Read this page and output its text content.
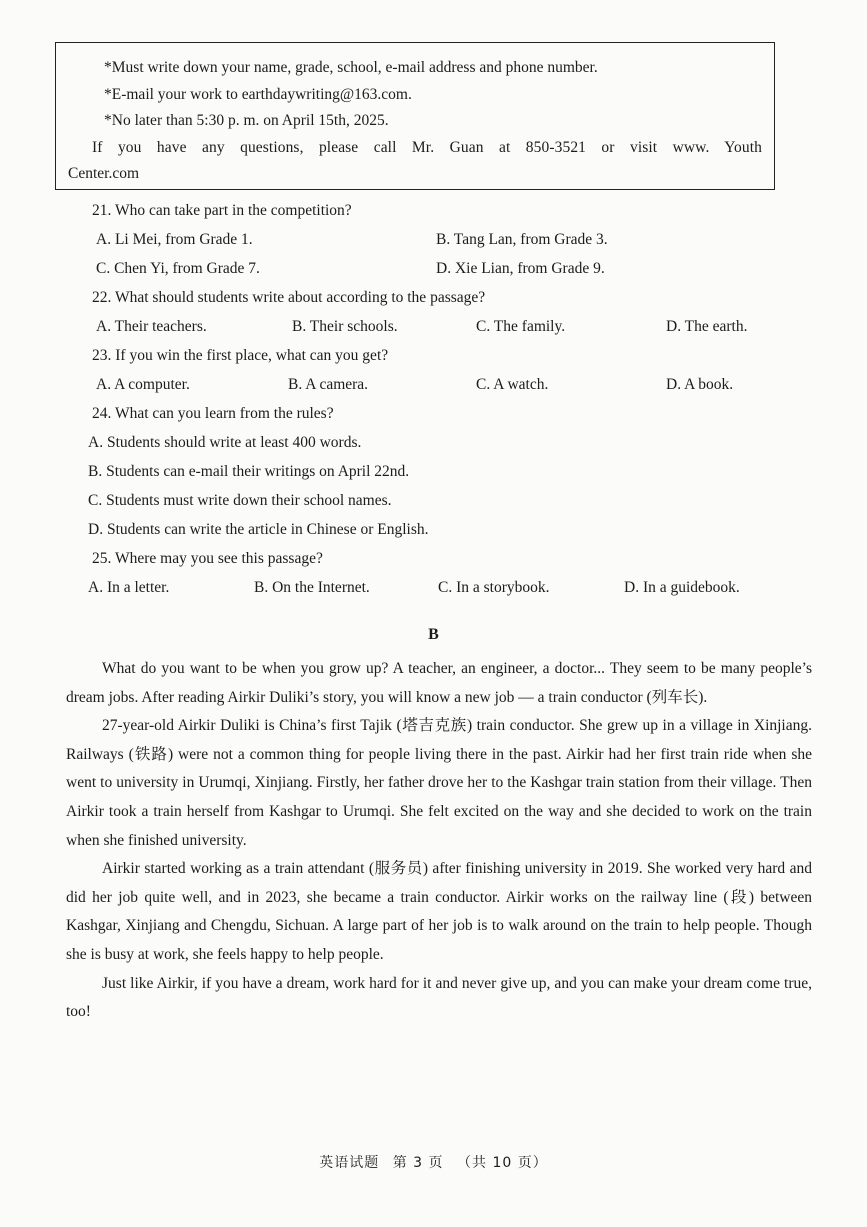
*Must write down your name, grade, school, e-mail address and phone number.
*E-mail your work to earthdaywriting@163.com.
*No later than 5:30 p. m. on April 15th, 2025.
If you have any questions, please call Mr. Guan at 850-3521 or visit www. Youth
Center.com
21. Who can take part in the competition?
A. Li Mei, from Grade 1.	B. Tang Lan, from Grade 3.
C. Chen Yi, from Grade 7.	D. Xie Lian, from Grade 9.
22. What should students write about according to the passage?
A. Their teachers.	B. Their schools.	C. The family.	D. The earth.
23. If you win the first place, what can you get?
A. A computer.	B. A camera.	C. A watch.	D. A book.
24. What can you learn from the rules?
A. Students should write at least 400 words.
B. Students can e-mail their writings on April 22nd.
C. Students must write down their school names.
D. Students can write the article in Chinese or English.
25. Where may you see this passage?
A. In a letter.	B. On the Internet.	C. In a storybook.	D. In a guidebook.
B

What do you want to be when you grow up? A teacher, an engineer, a doctor... They seem to be many people’s dream jobs. After reading Airkir Duliki’s story, you will know a new job — a train conductor (列车长).

27-year-old Airkir Duliki is China’s first Tajik (塔吉克族) train conductor. She grew up in a village in Xinjiang. Railways (铁路) were not a common thing for people living there in the past. Airkir had her first train ride when she went to university in Urumqi, Xinjiang. Firstly, her father drove her to the Kashgar train station from their village. Then Airkir took a train herself from Kashgar to Urumqi. She felt excited on the way and she decided to work on the train when she finished university.

Airkir started working as a train attendant (服务员) after finishing university in 2019. She worked very hard and did her job quite well, and in 2023, she became a train conductor. Airkir works on the railway line (段) between Kashgar, Xinjiang and Chengdu, Sichuan. A large part of her job is to walk around on the train to help people. Though she is busy at work, she feels happy to help people.

Just like Airkir, if you have a dream, work hard for it and never give up, and you can make your dream come true, too!

英语试题 第 3 页 （共 10 页）
